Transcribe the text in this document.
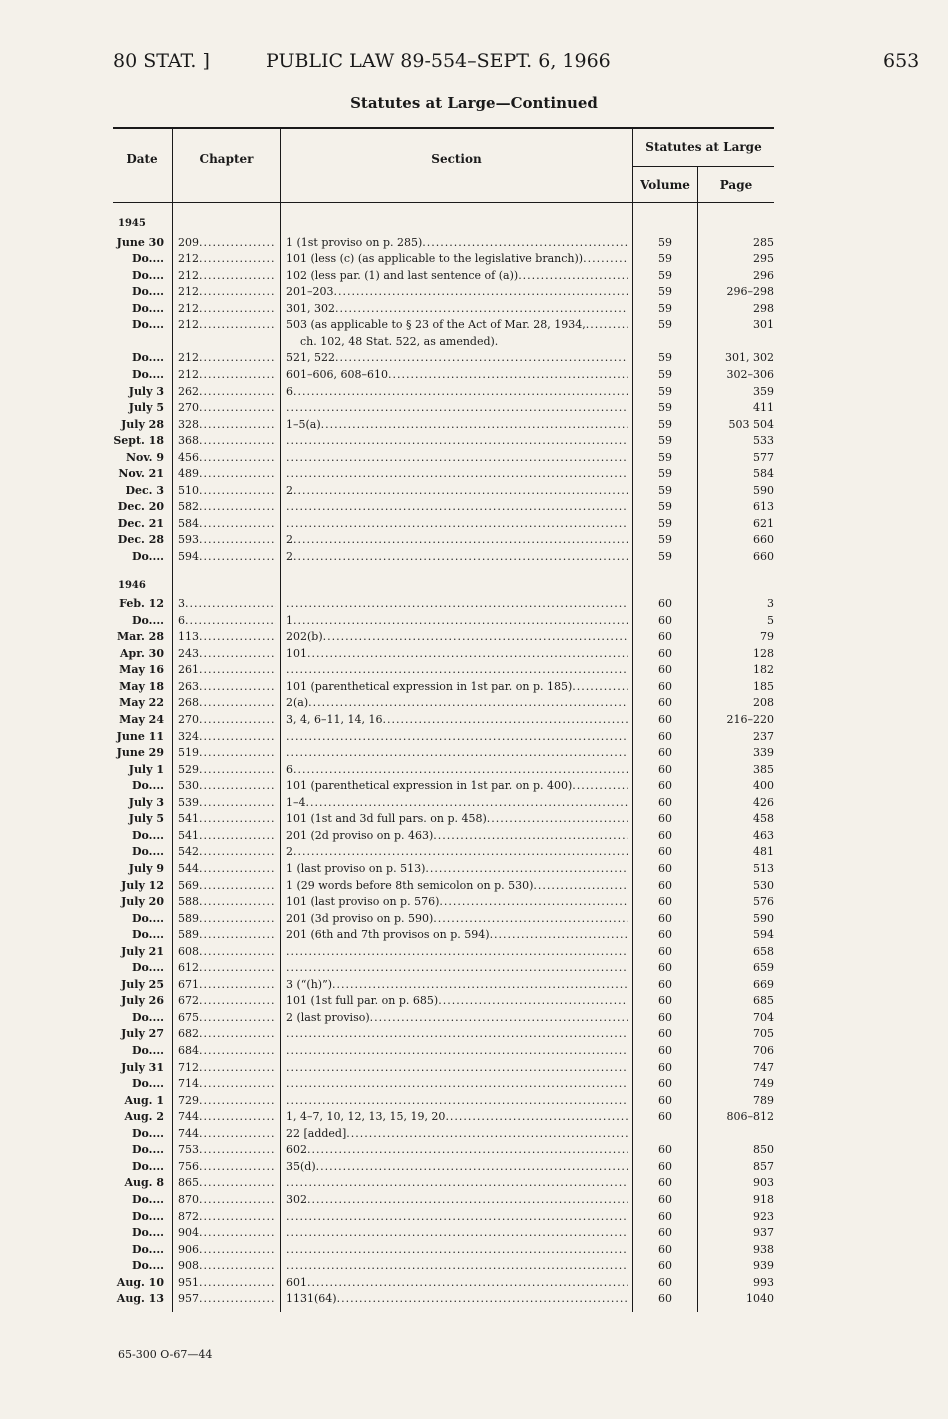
80 STAT. ]	PUBLIC LAW 89-554–SEPT. 6, 1966	653
Statutes at Large—Continued
Date	Chapter	Section
Statutes at Large
Volume	Page
1945
June 30 209 .....	1 (1st proviso on p. 285) .....	59	285
Do.... 212 .....	101 (less (c) (as applicable to the legislative branch)) .....	59	295
Do.... 212 .....	102 (less par. (1) and last sentence of (a)) .....	59	296
Do.... 212 .....	201–203 .....	59	296–298
Do.... 212 .....	301, 302 .....	59	298
Do.... 212 .....	503 (as applicable to § 23 of the Act of Mar. 28, 1934, .....	59	301
ch. 102, 48 Stat. 522, as amended).
Do.... 212 .....	521, 522 .....	59	301, 302
Do.... 212 .....	601–606, 608–610 .....	59	302–306
July 3 262 .....	6 .....	59	359
July 5 270 ..... .....	59	411
July 28 328 .....	1–5(a) .....	59	503 504
Sept. 18 368 ..... .....	59	533
Nov. 9 456 ..... .....	59	577
Nov. 21 489 ..... .....	59	584
Dec. 3 510 .....	2 .....	59	590
Dec. 20 582 ..... .....	59	613
Dec. 21 584 ..... .....	59	621
Dec. 28 593 .....	2 .....	59	660
Do.... 594 .....	2 .....	59	660
1946
Feb. 12 3 ..... .....	60	3
Do.... 6 .....	1 .....	60	5
Mar. 28 113 .....	202(b) .....	60	79
Apr. 30 243 .....	101 .....	60	128
May 16 261 ..... .....	60	182
May 18 263 .....	101 (parenthetical expression in 1st par. on p. 185) .....	60	185
May 22 268 .....	2(a) .....	60	208
May 24 270 .....	3, 4, 6–11, 14, 16 .....	60	216–220
June 11 324 ..... .....	60	237
June 29 519 ..... .....	60	339
July 1 529 .....	6 .....	60	385
Do.... 530 .....	101 (parenthetical expression in 1st par. on p. 400) .....	60	400
July 3 539 .....	1–4 .....	60	426
July 5 541 .....	101 (1st and 3d full pars. on p. 458) .....	60	458
Do.... 541 .....	201 (2d proviso on p. 463) .....	60	463
Do.... 542 .....	2 .....	60	481
July 9 544 .....	1 (last proviso on p. 513) .....	60	513
July 12 569 .....	1 (29 words before 8th semicolon on p. 530) .....	60	530
July 20 588 .....	101 (last proviso on p. 576) .....	60	576
Do.... 589 .....	201 (3d proviso on p. 590) .....	60	590
Do.... 589 .....	201 (6th and 7th provisos on p. 594) .....	60	594
July 21 608 ..... .....	60	658
Do.... 612 ..... .....	60	659
July 25 671 .....	3 (“(h)”) .....	60	669
July 26 672 .....	101 (1st full par. on p. 685) .....	60	685
Do.... 675 .....	2 (last proviso) .....	60	704
July 27 682 ..... .....	60	705
Do.... 684 ..... .....	60	706
July 31 712 ..... .....	60	747
Do.... 714 ..... .....	60	749
Aug. 1 729 ..... .....	60	789
Aug. 2 744 .....	1, 4–7, 10, 12, 13, 15, 19, 20 .....	60	806–812
Do.... 744 .....	22 [added] .....
Do.... 753 .....	602 .....	60	850
Do.... 756 .....	35(d) .....	60	857
Aug. 8 865 ..... .....	60	903
Do.... 870 .....	302 .....	60	918
Do.... 872 ..... .....	60	923
Do.... 904 ..... .....	60	937
Do.... 906 ..... .....	60	938
Do.... 908 ..... .....	60	939
Aug. 10 951 .....	601 .....	60	993
Aug. 13 957 .....	1131(64) .....	60	1040
65-300 O-67—44
